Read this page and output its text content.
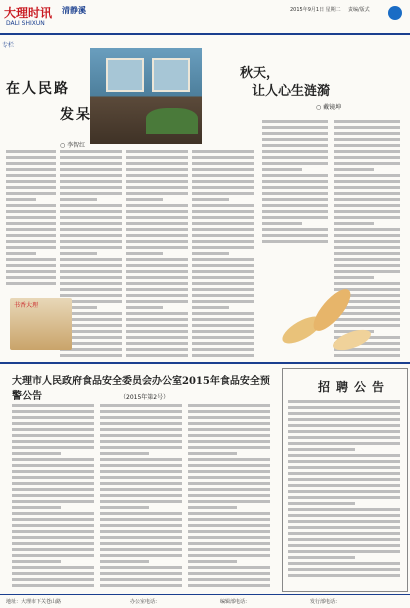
大理时讯
DALI SHIXUN
清静溪	2015年9月1日 星期二 责编/版式
专栏
在人民路
发呆
○ 李智红
秋天，
让人心生涟漪
○ 戴镜坤
书香大理
大理市人民政府食品安全委员会办公室2015年食品安全预警公告	（2015年第2号）
招聘公告
地址：大理市下关苍山路	办公室电话：	编辑部电话：	发行部电话：
